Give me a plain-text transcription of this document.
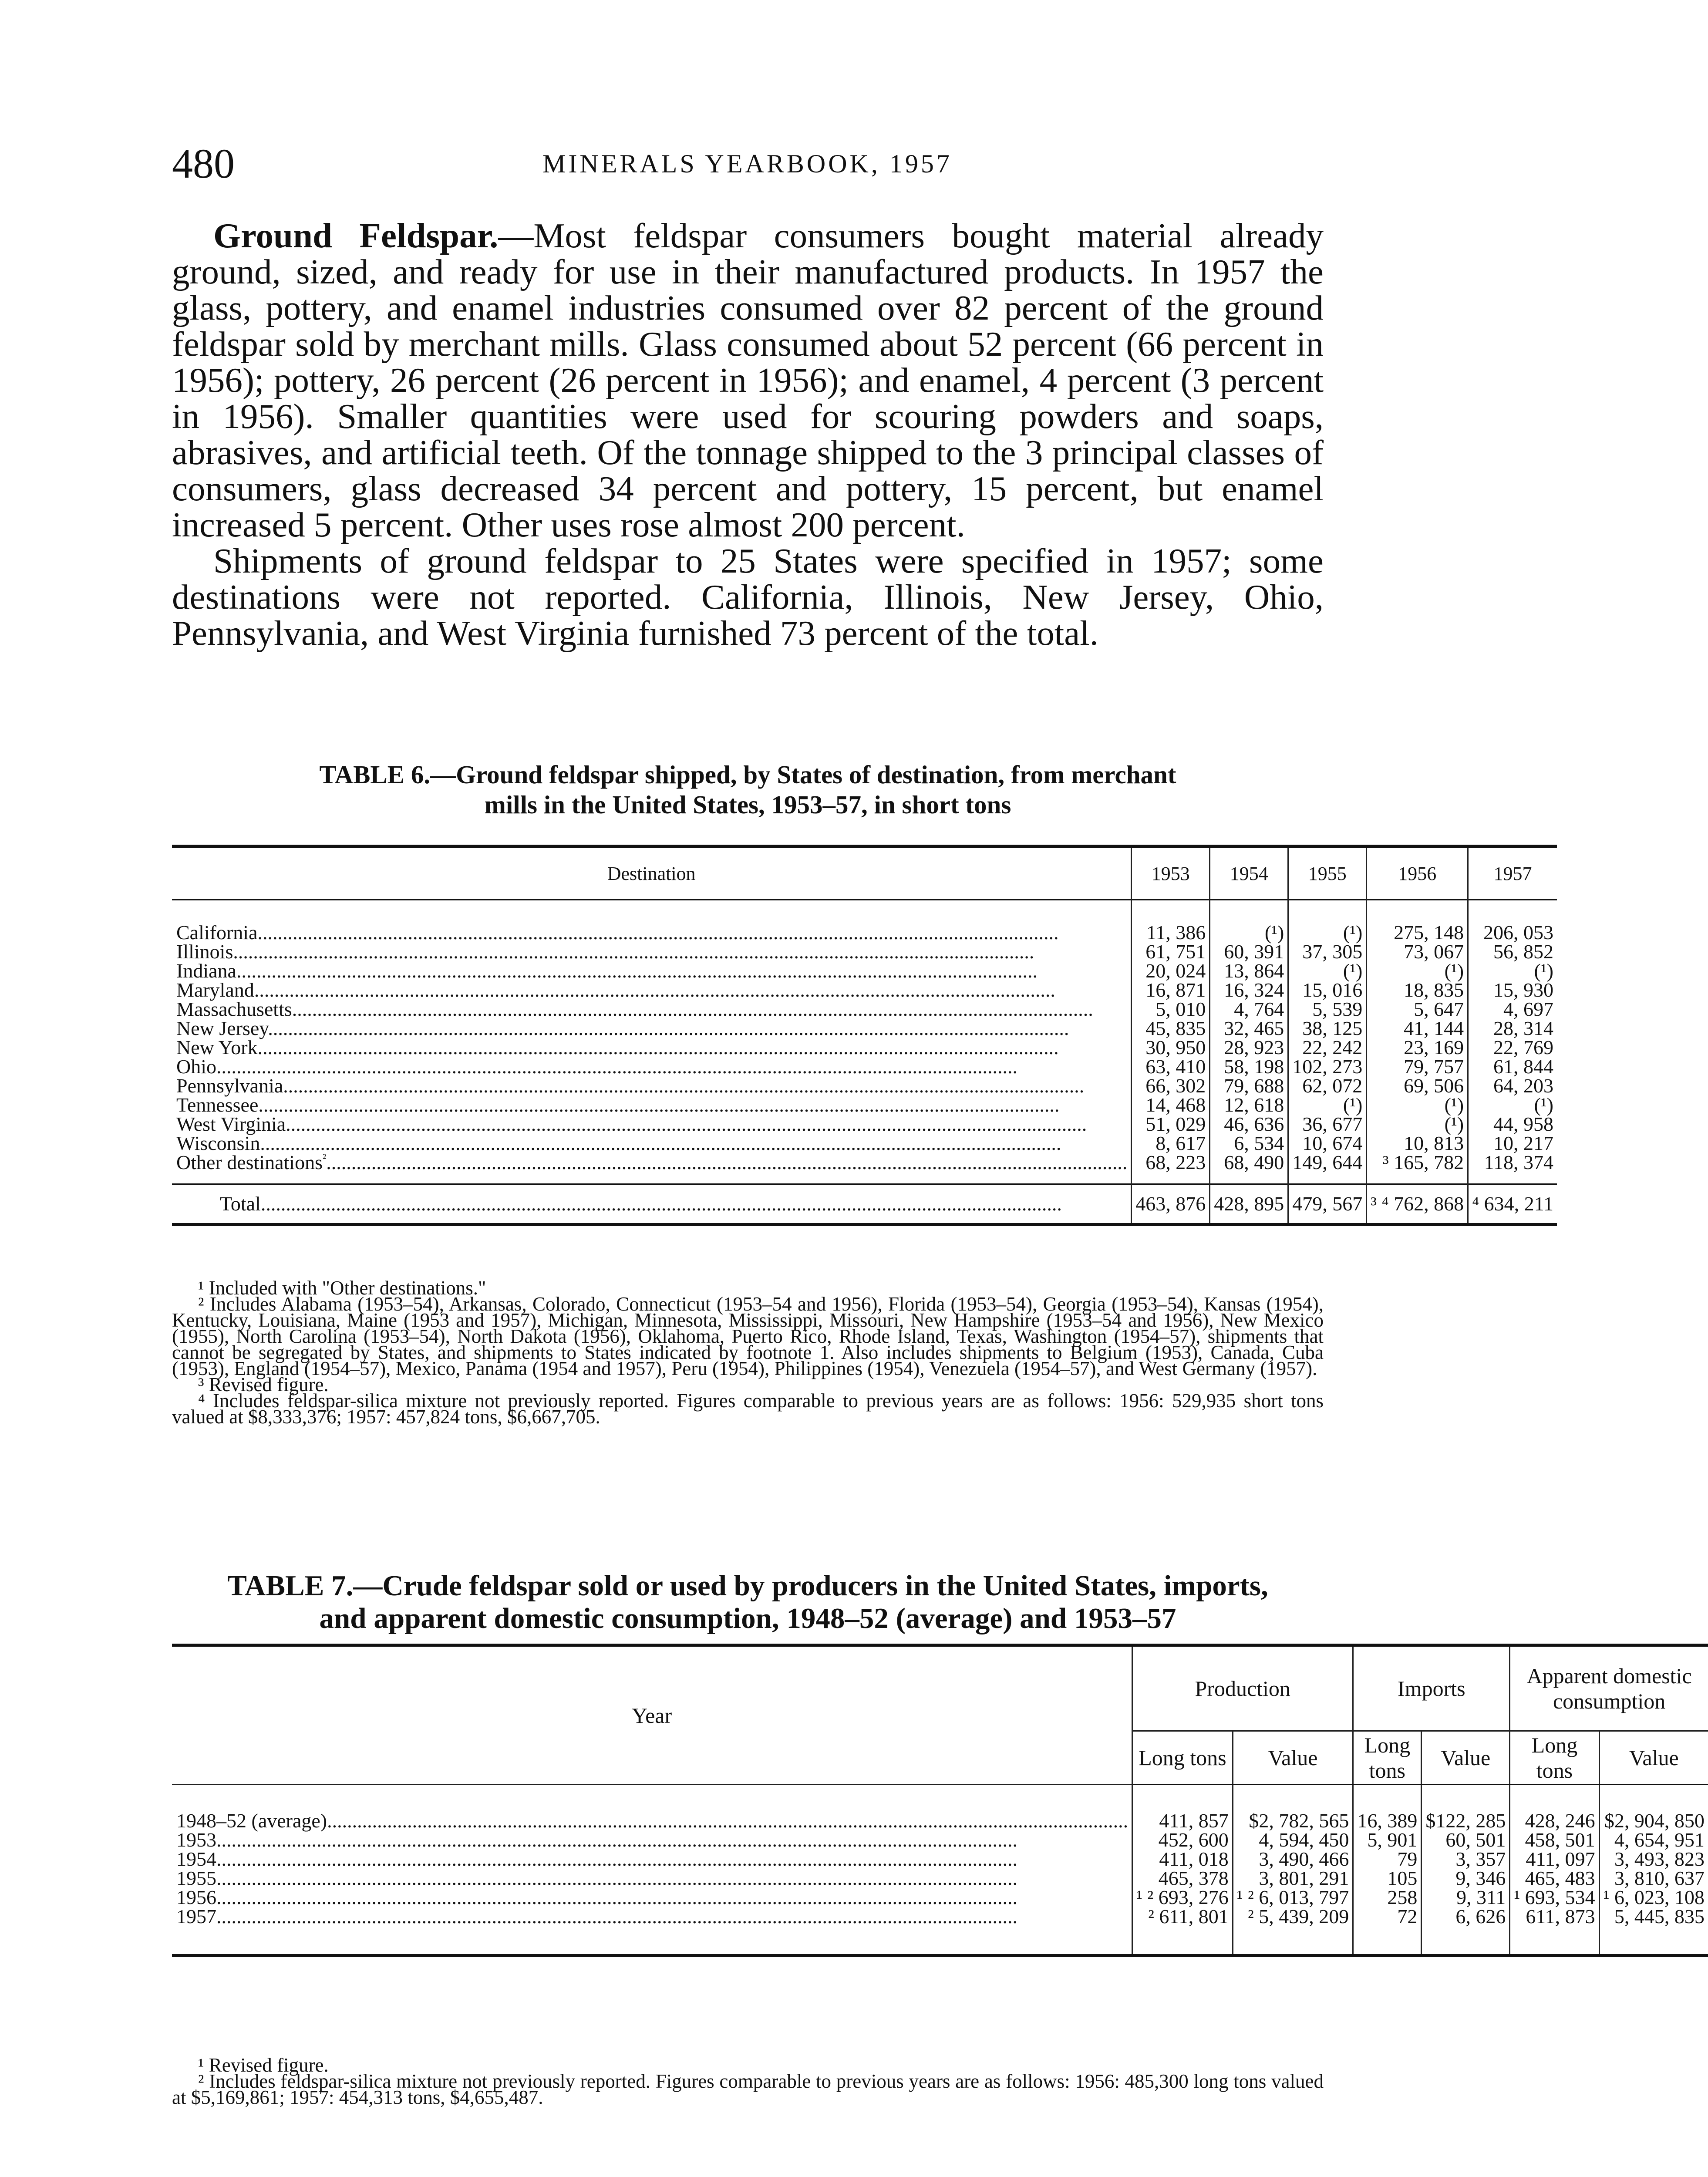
480	MINERALS YEARBOOK, 1957

Ground Feldspar.—Most feldspar consumers bought material already ground, sized, and ready for use in their manufactured products. In 1957 the glass, pottery, and enamel industries consumed over 82 percent of the ground feldspar sold by merchant mills. Glass consumed about 52 percent (66 percent in 1956); pottery, 26 percent (26 percent in 1956); and enamel, 4 percent (3 percent in 1956). Smaller quantities were used for scouring powders and soaps, abrasives, and artificial teeth. Of the tonnage shipped to the 3 principal classes of consumers, glass decreased 34 percent and pottery, 15 percent, but enamel increased 5 percent. Other uses rose almost 200 percent.

Shipments of ground feldspar to 25 States were specified in 1957; some destinations were not reported. California, Illinois, New Jersey, Ohio, Pennsylvania, and West Virginia furnished 73 percent of the total.

TABLE 6.—Ground feldspar shipped, by States of destination, from merchant
mills in the United States, 1953–57, in short tons
Destination	1953	1954	1955	1956	1957

California .....	11, 386	(¹)	(¹)	275, 148	206, 053

Illinois .....	61, 751	60, 391	37, 305	73, 067	56, 852

Indiana .....	20, 024	13, 864	(¹)	(¹)	(¹)

Maryland .....	16, 871	16, 324	15, 016	18, 835	15, 930

Massachusetts .....	5, 010	4, 764	5, 539	5, 647	4, 697

New Jersey .....	45, 835	32, 465	38, 125	41, 144	28, 314

New York .....	30, 950	28, 923	22, 242	23, 169	22, 769

Ohio .....	63, 410	58, 198	102, 273	79, 757	61, 844

Pennsylvania .....	66, 302	79, 688	62, 072	69, 506	64, 203

Tennessee .....	14, 468	12, 618	(¹)	(¹)	(¹)

West Virginia .....	51, 029	46, 636	36, 677	(¹)	44, 958

Wisconsin .....	8, 617	6, 534	10, 674	10, 813	10, 217

Other destinations$^{^2}$ .....	68, 223	68, 490	149, 644	³ 165, 782	118, 374

Total .....	463, 876	428, 895	479, 567	³ ⁴ 762, 868	⁴ 634, 211

¹ Included with "Other destinations."

² Includes Alabama (1953–54), Arkansas, Colorado, Connecticut (1953–54 and 1956), Florida (1953–54), Georgia (1953–54), Kansas (1954), Kentucky, Louisiana, Maine (1953 and 1957), Michigan, Minnesota, Mississippi, Missouri, New Hampshire (1953–54 and 1956), New Mexico (1955), North Carolina (1953–54), North Dakota (1956), Oklahoma, Puerto Rico, Rhode Island, Texas, Washington (1954–57), shipments that cannot be segregated by States, and shipments to States indicated by footnote 1. Also includes shipments to Belgium (1953), Canada, Cuba (1953), England (1954–57), Mexico, Panama (1954 and 1957), Peru (1954), Philippines (1954), Venezuela (1954–57), and West Germany (1957).

³ Revised figure.

⁴ Includes feldspar-silica mixture not previously reported. Figures comparable to previous years are as follows: 1956: 529,935 short tons valued at $8,333,376; 1957: 457,824 tons, $6,667,705.

TABLE 7.—Crude feldspar sold or used by producers in the United States, imports,
and apparent domestic consumption, 1948–52 (average) and 1953–57
Year	Production		Imports		Apparent domestic consumption	
	Long tons	Value	Long tons	Value	Long tons	Value

1948–52 (average) .....	411, 857	$2, 782, 565	16, 389	$122, 285	428, 246	$2, 904, 850

1953 .....	452, 600	4, 594, 450	5, 901	60, 501	458, 501	4, 654, 951

1954 .....	411, 018	3, 490, 466	79	3, 357	411, 097	3, 493, 823

1955 .....	465, 378	3, 801, 291	105	9, 346	465, 483	3, 810, 637

1956 .....	¹ ² 693, 276	¹ ² 6, 013, 797	258	9, 311	¹ 693, 534	¹ 6, 023, 108

1957 .....	² 611, 801	² 5, 439, 209	72	6, 626	611, 873	5, 445, 835

¹ Revised figure.

² Includes feldspar-silica mixture not previously reported. Figures comparable to previous years are as follows: 1956: 485,300 long tons valued at $5,169,861; 1957: 454,313 tons, $4,655,487.
